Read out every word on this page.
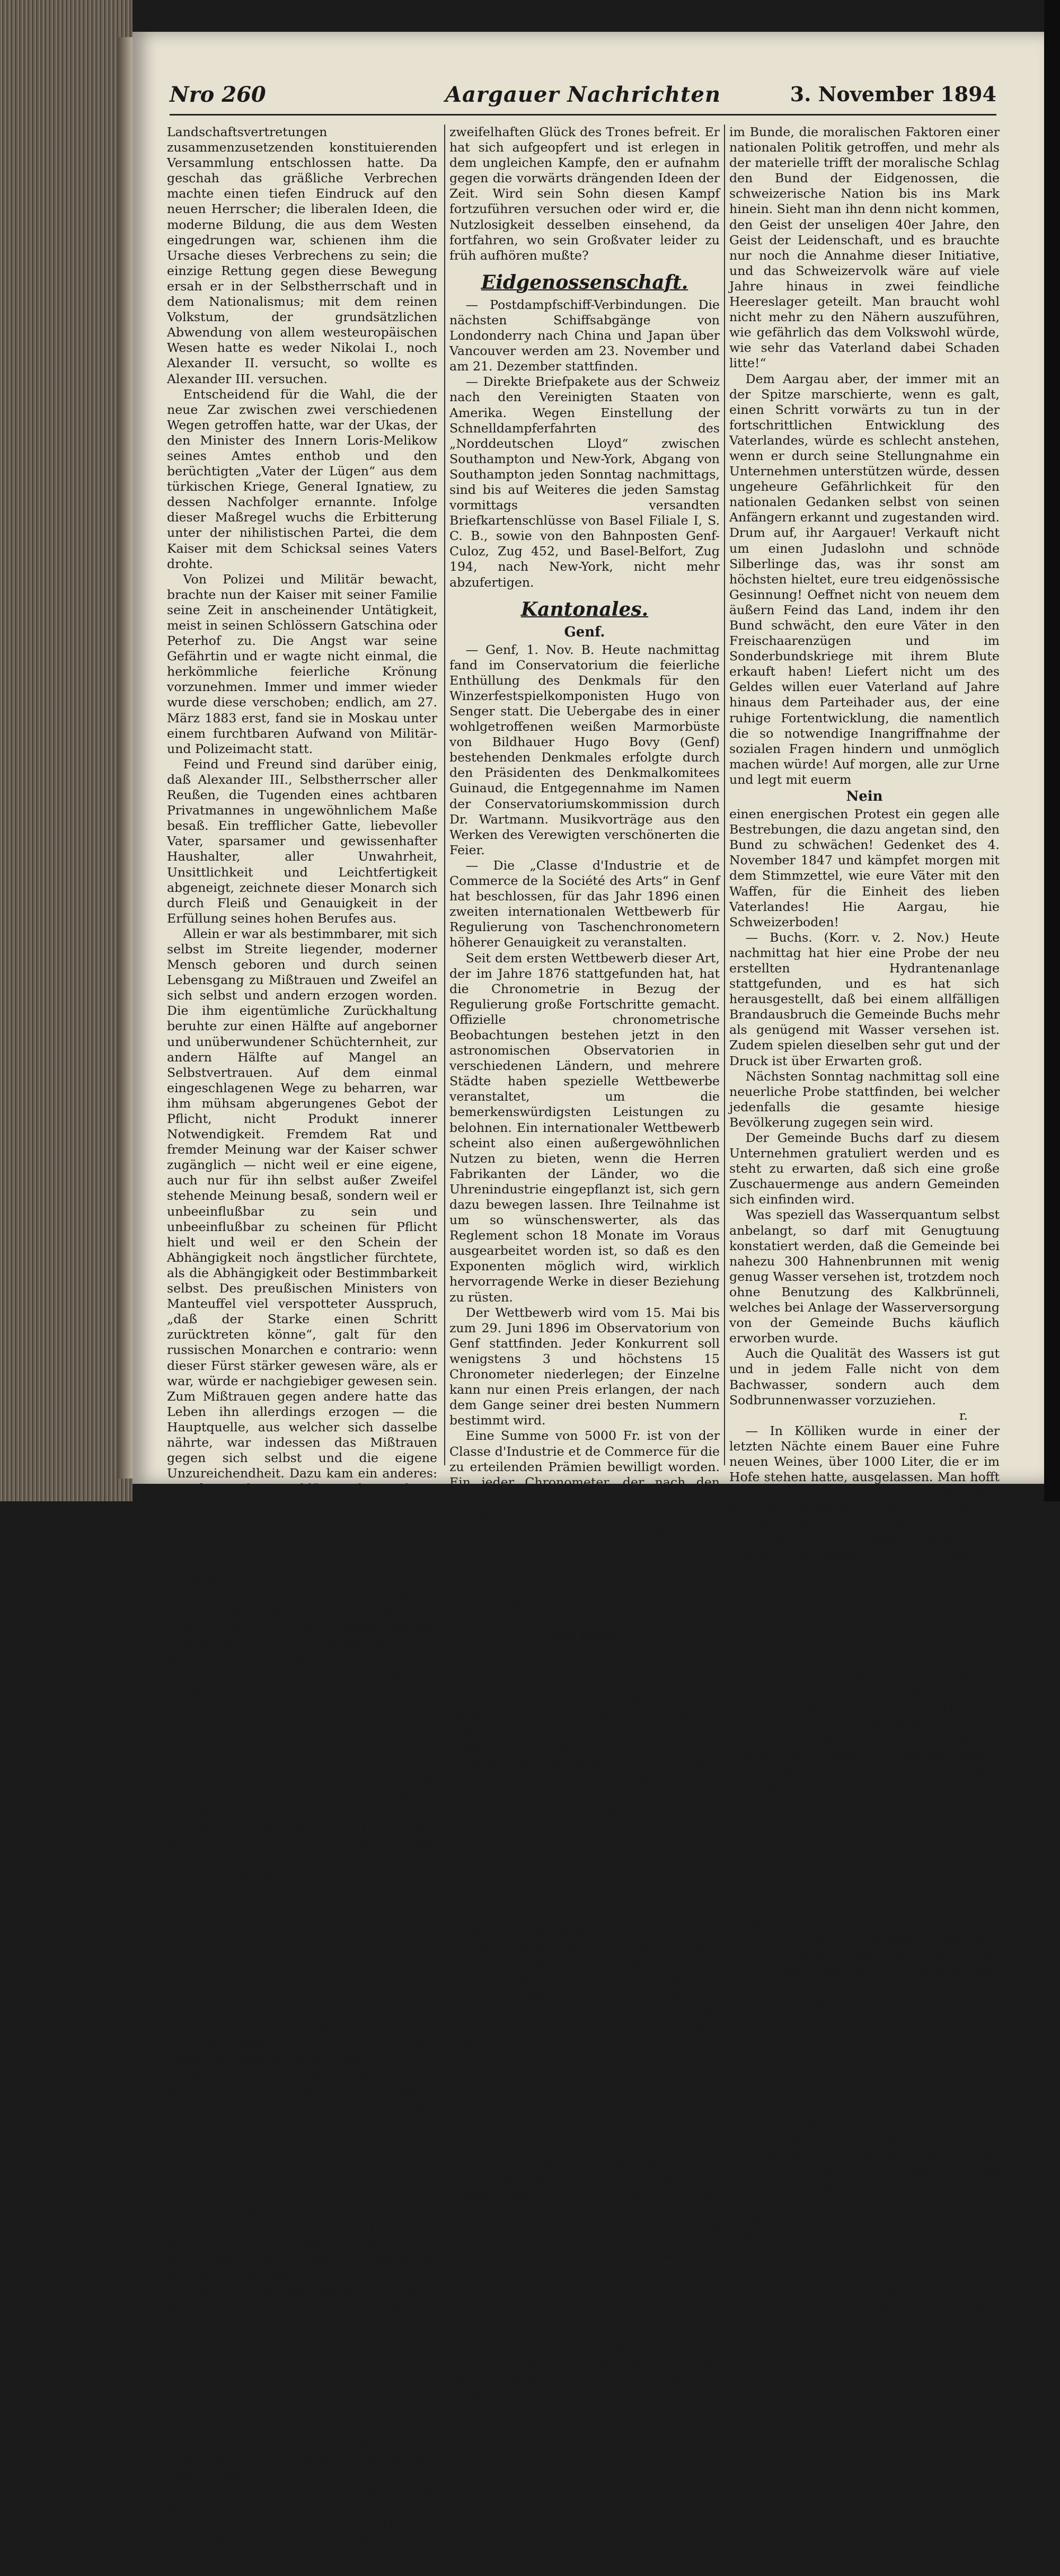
Nro 260	Aargauer Nachrichten	3. November 1894

Landschaftsvertretungen zusammenzusetzenden konstituierenden Versammlung entschlossen hatte. Da geschah das gräßliche Verbrechen machte einen tiefen Eindruck auf den neuen Herrscher; die liberalen Ideen, die moderne Bildung, die aus dem Westen eingedrungen war, schienen ihm die Ursache dieses Verbrechens zu sein; die einzige Rettung gegen diese Bewegung ersah er in der Selbstherrschaft und in dem Nationalismus; mit dem reinen Volkstum, der grundsätzlichen Abwendung von allem westeuropäischen Wesen hatte es weder Nikolai I., noch Alexander II. versucht, so wollte es Alexander III. versuchen.

Entscheidend für die Wahl, die der neue Zar zwischen zwei verschiedenen Wegen getroffen hatte, war der Ukas, der den Minister des Innern Loris-Melikow seines Amtes enthob und den berüchtigten „Vater der Lügen“ aus dem türkischen Kriege, General Ignatiew, zu dessen Nachfolger ernannte. Infolge dieser Maßregel wuchs die Erbitterung unter der nihilistischen Partei, die dem Kaiser mit dem Schicksal seines Vaters drohte.

Von Polizei und Militär bewacht, brachte nun der Kaiser mit seiner Familie seine Zeit in anscheinender Untätigkeit, meist in seinen Schlössern Gatschina oder Peterhof zu. Die Angst war seine Gefährtin und er wagte nicht einmal, die herkömmliche feierliche Krönung vorzunehmen. Immer und immer wieder wurde diese verschoben; endlich, am 27. März 1883 erst, fand sie in Moskau unter einem furchtbaren Aufwand von Militär- und Polizeimacht statt.

Feind und Freund sind darüber einig, daß Alexander III., Selbstherrscher aller Reußen, die Tugenden eines achtbaren Privatmannes in ungewöhnlichem Maße besaß. Ein trefflicher Gatte, liebevoller Vater, sparsamer und gewissenhafter Haushalter, aller Unwahrheit, Unsittlichkeit und Leichtfertigkeit abgeneigt, zeichnete dieser Monarch sich durch Fleiß und Genauigkeit in der Erfüllung seines hohen Berufes aus.

Allein er war als bestimmbarer, mit sich selbst im Streite liegender, moderner Mensch geboren und durch seinen Lebensgang zu Mißtrauen und Zweifel an sich selbst und andern erzogen worden. Die ihm eigentümliche Zurückhaltung beruhte zur einen Hälfte auf angeborner und unüberwundener Schüchternheit, zur andern Hälfte auf Mangel an Selbstvertrauen. Auf dem einmal eingeschlagenen Wege zu beharren, war ihm mühsam abgerungenes Gebot der Pflicht, nicht Produkt innerer Notwendigkeit. Fremdem Rat und fremder Meinung war der Kaiser schwer zugänglich — nicht weil er eine eigene, auch nur für ihn selbst außer Zweifel stehende Meinung besaß, sondern weil er unbeeinflußbar zu sein und unbeeinflußbar zu scheinen für Pflicht hielt und weil er den Schein der Abhängigkeit noch ängstlicher fürchtete, als die Abhängigkeit oder Bestimmbarkeit selbst. Des preußischen Ministers von Manteuffel viel verspotteter Ausspruch, „daß der Starke einen Schritt zurücktreten könne“, galt für den russischen Monarchen e contrario: wenn dieser Fürst stärker gewesen wäre, als er war, würde er nachgiebiger gewesen sein. Zum Mißtrauen gegen andere hatte das Leben ihn allerdings erzogen — die Hauptquelle, aus welcher sich dasselbe nährte, war indessen das Mißtrauen gegen sich selbst und die eigene Unzureichendheit. Dazu kam ein anderes: gerade weil Entschlüsse ihm schwer fielen, faßte Alexander III. sie gelegentlich mit einer gewissen Heftigkeit.

Aus dieser innern Unsicherheit, die äußerlich zu verbergen er aufs sorgfältigste bemüht war, erklärt sich, daß der in Gefahr stehende Großfürst nichts weniger als geeignet war, die dem Rußland durch einen dreizehnjährigen Kampf im Laufe der letzten Jahre bei einer Isolierung angelangt war, wie sie bei keinem seiner Vorgänger vorgekommen war. Der Verkehr mit seinen sogenannten Vertrauten beschränkte sich auf ein Geringes. Beziehungen zu außerhalb des gewöhnlichen Kreises stehenden Sterblichen waren nahezu ausgeschlossen, und an die Stelle persönlichen Austausches mit den Räten der Krone trat mehr und mehr eine Vorliebe für die Aktenarbeit und den schriftlichen Verkehr, welche nach Ansicht der Eingeweihten nichts weniger als erfolgreich war.

Nach außen hat der Zar Alexander III. sein Reich bedeutend erweitert, und wenn man von seiner Regierungszeit etwas Nennenswertes einst melden wird, so wird es darin bestehen, daß die Stellung Rußlands in Centralasien verstärkt und Englands Einfluß und Machtgebiet Schritt für Schritt zurückgedrängt wurde. Der Zar hat sein Reich um ungeheure Strecken Landes vergrößert und mit dem Bau der sibirischen Bahn Asien den russischen Einflüssen erschlossen.

Im Innern war seine Politik weniger glücklich. Seine blinde national-religiöse Verfolgungswut, welche die deutschen Elemente, den Protestantismus, die Finnen und Polen in der brutalen Ausweisung der Juden ihren höchsten Triumph. Wo er sich immer mehr zum einseitigen Despoten entwickelte, daß man behauptete, die Nihilisten hätten das übrige redlich beigetragen. Ein furchtbares Ereignis hat in das Leben und das Gemütsart dieses Herrschers eingegriffen. Am 29. Okt. 1888 entgleiste der kaiserliche Bahnzug bei Borki auf der Charkower Bahn; nur durch ein Wunder entging der Zar und seine Familie dem Tode. Die Nachwirkung dieser böswilligen Tat blieb nicht aus; es zeigte sich in einer Erschütterung des Nervensystems, an welcher der Zar und seine Gemahlin litt. In weltfremder düsterer Abgeschlossenheit saß der Kaiser auf seinem Trone, Tag und Nacht von Aengsten gequält und unheimlichen Gedanken überlassen, aus denen sich aufzuraffen er nicht mehr die glücklichen Mittel wußte.

Daß unter den seelischen Kämpfen, die eine Lebensführung wie die Alexanders III. mit sich brachte, auch der Körper des Monarchen vor der Zeit erliegen mußte, ist klar, und so hat den Zaren eine rasche Krankheit von dem

zweifelhaften Glück des Trones befreit. Er hat sich aufgeopfert und ist erlegen in dem ungleichen Kampfe, den er aufnahm gegen die vorwärts drängenden Ideen der Zeit. Wird sein Sohn diesen Kampf fortzuführen versuchen oder wird er, die Nutzlosigkeit desselben einsehend, da fortfahren, wo sein Großvater leider zu früh aufhören mußte?

Eidgenossenschaft.

— Postdampfschiff-Verbindungen. Die nächsten Schiffsabgänge von Londonderry nach China und Japan über Vancouver werden am 23. November und am 21. Dezember stattfinden.

— Direkte Briefpakete aus der Schweiz nach den Vereinigten Staaten von Amerika. Wegen Einstellung der Schnelldampferfahrten des „Norddeutschen Lloyd“ zwischen Southampton und New-York, Abgang von Southampton jeden Sonntag nachmittags, sind bis auf Weiteres die jeden Samstag vormittags versandten Briefkartenschlüsse von Basel Filiale I, S. C. B., sowie von den Bahnposten Genf-Culoz, Zug 452, und Basel-Belfort, Zug 194, nach New-York, nicht mehr abzufertigen.

Kantonales.
Genf.

— Genf, 1. Nov. B. Heute nachmittag fand im Conservatorium die feierliche Enthüllung des Denkmals für den Winzerfestspielkomponisten Hugo von Senger statt. Die Uebergabe des in einer wohlgetroffenen weißen Marmorbüste von Bildhauer Hugo Bovy (Genf) bestehenden Denkmales erfolgte durch den Präsidenten des Denkmalkomitees Guinaud, die Entgegennahme im Namen der Conservatoriumskommission durch Dr. Wartmann. Musikvorträge aus den Werken des Verewigten verschönerten die Feier.

— Die „Classe d'Industrie et de Commerce de la Société des Arts“ in Genf hat beschlossen, für das Jahr 1896 einen zweiten internationalen Wettbewerb für Regulierung von Taschenchronometern höherer Genauigkeit zu veranstalten.

Seit dem ersten Wettbewerb dieser Art, der im Jahre 1876 stattgefunden hat, hat die Chronometrie in Bezug der Regulierung große Fortschritte gemacht. Offizielle chronometrische Beobachtungen bestehen jetzt in den astronomischen Observatorien in verschiedenen Ländern, und mehrere Städte haben spezielle Wettbewerbe veranstaltet, um die bemerkenswürdigsten Leistungen zu belohnen. Ein internationaler Wettbewerb scheint also einen außergewöhnlichen Nutzen zu bieten, wenn die Herren Fabrikanten der Länder, wo die Uhrenindustrie eingepflanzt ist, sich gern dazu bewegen lassen. Ihre Teilnahme ist um so wünschenswerter, als das Reglement schon 18 Monate im Voraus ausgearbeitet worden ist, so daß es den Exponenten möglich wird, wirklich hervorragende Werke in dieser Beziehung zu rüsten.

Der Wettbewerb wird vom 15. Mai bis zum 29. Juni 1896 im Observatorium von Genf stattfinden. Jeder Konkurrent soll wenigstens 3 und höchstens 15 Chronometer niederlegen; der Einzelne kann nur einen Preis erlangen, der nach dem Gange seiner drei besten Nummern bestimmt wird.

Eine Summe von 5000 Fr. ist von der Classe d'Industrie et de Commerce für die zu erteilenden Prämien bewilligt worden. Ein jeder Chronometer, der nach den Prüfungen des Wettbewerbes als wirklich genügend anerkannt worden ist, hat Recht auf ein spezielles Gangzeugnis.

Das in Einzelheiten eingehende Programm dieses Wettbewerbes wird gratis und franko denjenigen zugesendet werden, die ihr Verlangen an Herrn Dupuis, Athénée, in Genf, richten.

Aargau.

— Beutezug. Morgen am 4. November, sind es gerade 47 Jahre, seit die Tagsatzung dem General Dufour den Auftrag gab, den Sonderbund mit Waffengewalt aufzulösen. Damals ermahnte die Tagsatzung die Eidgenossenschaft zur Einigkeit im Kampfe gegen die Partei, „die schon 1813 fremden Armeen die Tore geöffnet, die den freisinnigen Verfassungen von 1831 die Garantie verweigert, die mit unermüdlichen Umtrieben an der Reaktion gearbeitet, die den Jura und andere Teile der Schweiz aufgereizt, im Aargau eine ultramontane Empörung erzeugt und nach Wallis, Freiburg, Schwyz und Luzern die Jesuiten berufen hat, und durch deren Sieg das Vaterland nach und nach alle Institutionen verlieren würde, welche seine wahre Freiheit, seinen geistigen Aufschwung, seine Kraft und Ehre bedingen.“ So sprach im Jahr 1847 die Tagsatzung von der gleichen Partei, welche heute die Mutter des Beutezuges ist, und welche im Kampfe gegen die Bundesverfassung, die ihr neuestes Produkt nicht anstand, die Verfassungen von 48 und 74 als Vergewaltigungen der Kantonalsouveränität, den Beutezug aber als Rache für Gislikon zu bezeichnen. Es ist also der gleiche Kampf gegen den Erbfeind im Innern der Nation, der gegen unsere Väter geführt worden ist. Es gibt sich selbst Leute zu, welche sonst jenen Kreisen nahe stehen, in dieser Sache aber nicht mitmachen wollen, da sie die bundesfeindliche Tendenz der Bewegung wohl einsehen. So sagt die „Ostschweiz“: „Ja, der Beutezug ist eine Schwächung des Bundes. Und indem wir das sagen, handelt es sich bei uns nicht um den Zweifränkler, nicht um einen Zug auf die Bundeskasse, in welcher tatsächlich für Jahre nur Defizite zu finden sind, nicht bort liegt die gefährlichste Schwächung, sondern anderswo. Mit der Annahme dieser Initiative werden die sittlichen Kräfte

im Bunde, die moralischen Faktoren einer nationalen Politik getroffen, und mehr als der materielle trifft der moralische Schlag den Bund der Eidgenossen, die schweizerische Nation bis ins Mark hinein. Sieht man ihn denn nicht kommen, den Geist der unseligen 40er Jahre, den Geist der Leidenschaft, und es brauchte nur noch die Annahme dieser Initiative, und das Schweizervolk wäre auf viele Jahre hinaus in zwei feindliche Heereslager geteilt. Man braucht wohl nicht mehr zu den Nähern auszuführen, wie gefährlich das dem Volkswohl würde, wie sehr das Vaterland dabei Schaden litte!“

Dem Aargau aber, der immer mit an der Spitze marschierte, wenn es galt, einen Schritt vorwärts zu tun in der fortschrittlichen Entwicklung des Vaterlandes, würde es schlecht anstehen, wenn er durch seine Stellungnahme ein Unternehmen unterstützen würde, dessen ungeheure Gefährlichkeit für den nationalen Gedanken selbst von seinen Anfängern erkannt und zugestanden wird. Drum auf, ihr Aargauer! Verkauft nicht um einen Judaslohn und schnöde Silberlinge das, was ihr sonst am höchsten hieltet, eure treu eidgenössische Gesinnung! Oeffnet nicht von neuem dem äußern Feind das Land, indem ihr den Bund schwächt, den eure Väter in den Freischaarenzügen und im Sonderbundskriege mit ihrem Blute erkauft haben! Liefert nicht um des Geldes willen euer Vaterland auf Jahre hinaus dem Parteihader aus, der eine ruhige Fortentwicklung, die namentlich die so notwendige Inangriffnahme der sozialen Fragen hindern und unmöglich machen würde! Auf morgen, alle zur Urne und legt mit euerm

Nein

einen energischen Protest ein gegen alle Bestrebungen, die dazu angetan sind, den Bund zu schwächen! Gedenket des 4. November 1847 und kämpfet morgen mit dem Stimmzettel, wie eure Väter mit den Waffen, für die Einheit des lieben Vaterlandes! Hie Aargau, hie Schweizerboden!

— Buchs. (Korr. v. 2. Nov.) Heute nachmittag hat hier eine Probe der neu erstellten Hydrantenanlage stattgefunden, und es hat sich herausgestellt, daß bei einem allfälligen Brandausbruch die Gemeinde Buchs mehr als genügend mit Wasser versehen ist. Zudem spielen dieselben sehr gut und der Druck ist über Erwarten groß.

Nächsten Sonntag nachmittag soll eine neuerliche Probe stattfinden, bei welcher jedenfalls die gesamte hiesige Bevölkerung zugegen sein wird.

Der Gemeinde Buchs darf zu diesem Unternehmen gratuliert werden und es steht zu erwarten, daß sich eine große Zuschauermenge aus andern Gemeinden sich einfinden wird.

Was speziell das Wasserquantum selbst anbelangt, so darf mit Genugtuung konstatiert werden, daß die Gemeinde bei nahezu 300 Hahnenbrunnen mit wenig genug Wasser versehen ist, trotzdem noch ohne Benutzung des Kalkbrünneli, welches bei Anlage der Wasserversorgung von der Gemeinde Buchs käuflich erworben wurde.

Auch die Qualität des Wassers ist gut und in jedem Falle nicht von dem Bachwasser, sondern auch dem Sodbrunnenwasser vorzuziehen.

r.

— In Kölliken wurde in einer der letzten Nächte einem Bauer eine Fuhre neuen Weines, über 1000 Liter, die er im Hofe stehen hatte, ausgelassen. Man hofft den Täter, der anfänglich einen Diebstahl beabsichtigt haben soll, der davon gestört wurde, beibringen zu können.

— Aarburg. Vor einiger Zeit brach in einem Nebengebäude der „Krone“ in Aarburg Feuer aus, das zum Glück bald entdeckt wurde und, bevor es gefährliche Dimensionen angenommen, gelöscht werden konnte. Brandursache war fahrlässigkeit eines Rauchers. Derselbe war mit brennender Pfeife auf einem Strohsack gesessen und hatte sich daraufhin achtungslos entfernt. Einige Minuten nachher brach das Feuer in diesem Strohsack aus und verbreitete sich rasch in der nahen Umgebung, bis es glücklicherweise entdeckt und gelöscht wurde. Der Urheber des Brandes wegen fahrlässiger Brandstiftung zu 7 Tagen Gefangenschaft und Schadenersatz verurteilt.

— Bezirk Lenzburg. Von dem Bezirkskomitee erlassene und von mehr als 400 Unterschriften aus allen Gemeinden des Bezirks bedeckte Aufruf an die Stimmberechtigten des Bezirks Lenzburg lautet: Am 4. November hat die freisinnige Eidgenossenschaft einen harten Kampf zu bestehen gegen einen Angriff, der ihrer finanziellen Kraft gilt. Dieser Angriff erfolgt von einer Seite, welche die Kraft des Schweizerbundes von jeher nicht in der Einheit sucht. Mit dem Beutezug, von den Erfindern selbst so genannt, abzuwehren. Wie ein Mann sollten sich die freisinnigen Schweizer gegen diesen Versuch der Schwächung der Eidgenossenschaft erheben und ihn ein entschiedenes „Nein“ entgegenhalten. Der Gründe hiefür sind viele. Hier nur die wesentlichsten.

1. Das Initiativbegehren geht von den Gegnern des neuen Bundes aus. Es ist — für uns Aargauer zu sprechen — die unblutige Rache für Gislikon. Zu ihm stehen die Vertreter der Sonderbundskantone in den eidgenössischen Räten. Eine neu gegründete ultramontane „kath. Volkspartei“ steht zu Gevatter. Freiburg harrt der Beute, um damit seine kath. Universität auf zu erhalten, bis das Schweizervolk auf dem Wege der Lotterie nicht unterstützen wollte. Schon stellen Vertreter des Initiativbegehrens in Piusvereinen ihren Anhängern
